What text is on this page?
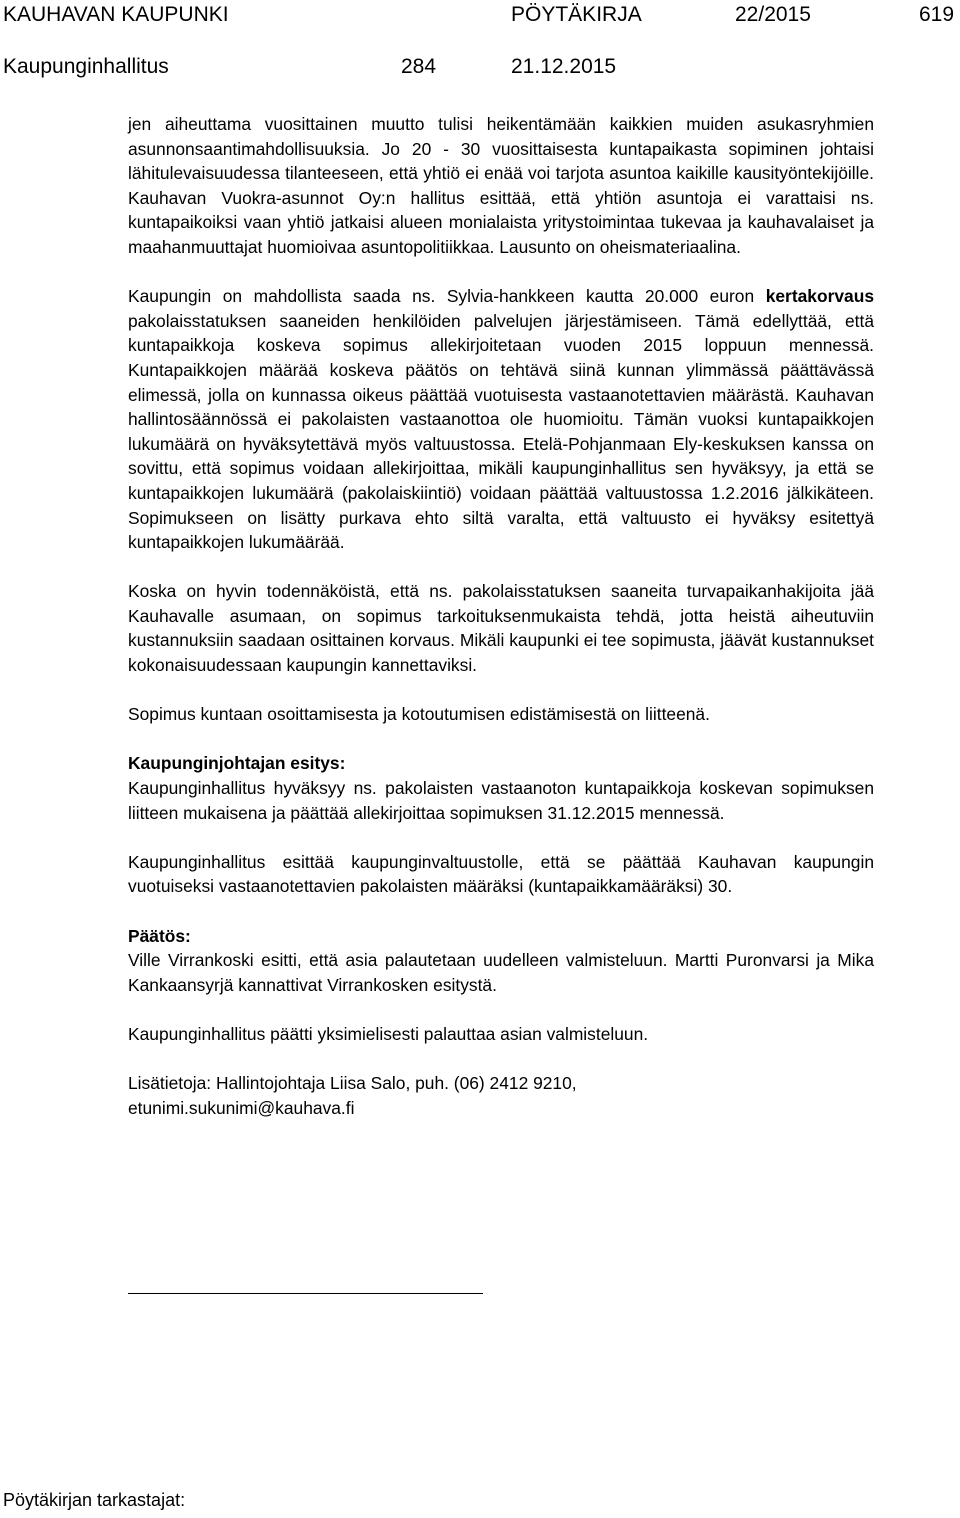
KAUHAVAN KAUPUNKI	PÖYTÄKIRJA	22/2015	619
Kaupunginhallitus	284	21.12.2015

jen aiheuttama vuosittainen muutto tulisi heikentämään kaikkien muiden asukasryhmien asunnonsaantimahdollisuuksia. Jo 20 - 30 vuosittaisesta kuntapaikasta sopiminen johtaisi lähitulevaisuudessa tilanteeseen, että yhtiö ei enää voi tarjota asuntoa kaikille kausityöntekijöille. Kauhavan Vuokra-asunnot Oy:n hallitus esittää, että yhtiön asuntoja ei varattaisi ns. kuntapaikoiksi vaan yhtiö jatkaisi alueen monialaista yritystoimintaa tukevaa ja kauhavalaiset ja maahanmuuttajat huomioivaa asuntopolitiikkaa. Lausunto on oheismateriaalina.

Kaupungin on mahdollista saada ns. Sylvia-hankkeen kautta 20.000 euron kertakorvaus pakolaisstatuksen saaneiden henkilöiden palvelujen järjestämiseen. Tämä edellyttää, että kuntapaikkoja koskeva sopimus allekirjoitetaan vuoden 2015 loppuun mennessä. Kuntapaikkojen määrää koskeva päätös on tehtävä siinä kunnan ylimmässä päättävässä elimessä, jolla on kunnassa oikeus päättää vuotuisesta vastaanotettavien määrästä. Kauhavan hallintosäännössä ei pakolaisten vastaanottoa ole huomioitu. Tämän vuoksi kuntapaikkojen lukumäärä on hyväksytettävä myös valtuustossa. Etelä-Pohjanmaan Ely-keskuksen kanssa on sovittu, että sopimus voidaan allekirjoittaa, mikäli kaupunginhallitus sen hyväksyy, ja että se kuntapaikkojen lukumäärä (pakolaiskiintiö) voidaan päättää valtuustossa 1.2.2016 jälkikäteen. Sopimukseen on lisätty purkava ehto siltä varalta, että valtuusto ei hyväksy esitettyä kuntapaikkojen lukumäärää.

Koska on hyvin todennäköistä, että ns. pakolaisstatuksen saaneita turvapaikanhakijoita jää Kauhavalle asumaan, on sopimus tarkoituksenmukaista tehdä, jotta heistä aiheutuviin kustannuksiin saadaan osittainen korvaus. Mikäli kaupunki ei tee sopimusta, jäävät kustannukset kokonaisuudessaan kaupungin kannettaviksi.

Sopimus kuntaan osoittamisesta ja kotoutumisen edistämisestä on liitteenä.

Kaupunginjohtajan esitys:

Kaupunginhallitus hyväksyy ns. pakolaisten vastaanoton kuntapaikkoja koskevan sopimuksen liitteen mukaisena ja päättää allekirjoittaa sopimuksen 31.12.2015 mennessä.

Kaupunginhallitus esittää kaupunginvaltuustolle, että se päättää Kauhavan kaupungin vuotuiseksi vastaanotettavien pakolaisten määräksi (kuntapaikkamääräksi) 30.

Päätös:

Ville Virrankoski esitti, että asia palautetaan uudelleen valmisteluun. Martti Puronvarsi ja Mika Kankaansyrjä kannattivat Virrankosken esitystä.

Kaupunginhallitus päätti yksimielisesti palauttaa asian valmisteluun.

Lisätietoja: Hallintojohtaja Liisa Salo, puh. (06) 2412 9210,

etunimi.sukunimi@kauhava.fi

Pöytäkirjan tarkastajat:
